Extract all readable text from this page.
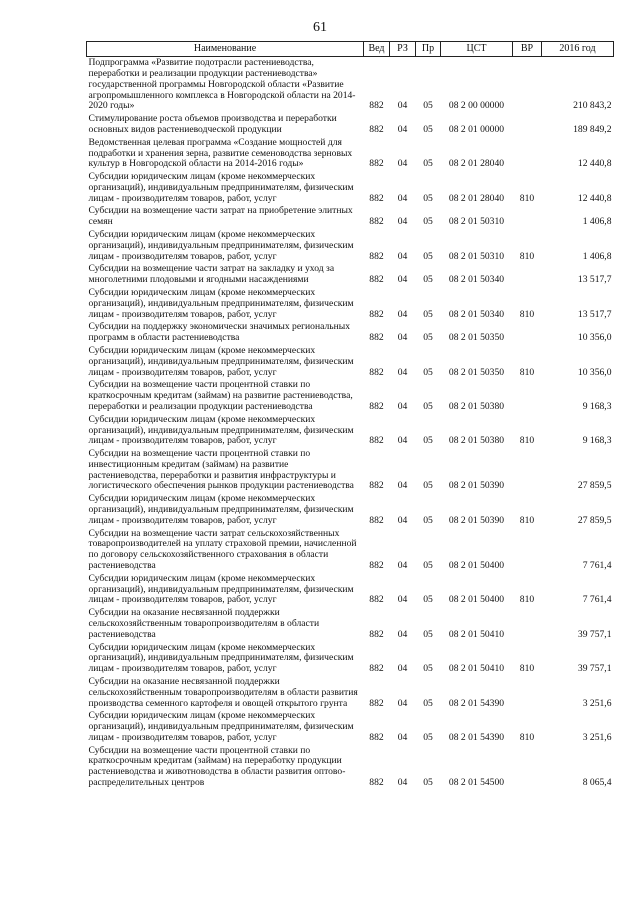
61
Наименование	Вед	РЗ	Пр	ЦСТ	ВР	2016 год
Подпрограмма «Развитие подотрасли растениеводства, переработки и реализации продукции растениеводства» государственной программы Новгородской области «Развитие агропромышленного комплекса в Новгородской области на 2014-2020 годы»	882	04	05	08 2 00 00000		210 843,2
Стимулирование роста объемов производства и переработки основных видов растениеводческой продукции	882	04	05	08 2 01 00000		189 849,2
Ведомственная целевая программа «Создание мощностей для подработки и хранения зерна, развитие семеноводства зерновых культур в Новгородской области на 2014-2016 годы»	882	04	05	08 2 01 28040		12 440,8
Субсидии юридическим лицам (кроме некоммерческих организаций), индивидуальным предпринимателям, физическим лицам - производителям товаров, работ, услуг	882	04	05	08 2 01 28040	810	12 440,8
Субсидии на возмещение части затрат на приобретение элитных семян	882	04	05	08 2 01 50310		1 406,8
Субсидии юридическим лицам (кроме некоммерческих организаций), индивидуальным предпринимателям, физическим лицам - производителям товаров, работ, услуг	882	04	05	08 2 01 50310	810	1 406,8
Субсидии на возмещение части затрат на закладку и уход за многолетними плодовыми и ягодными насаждениями	882	04	05	08 2 01 50340		13 517,7
Субсидии юридическим лицам (кроме некоммерческих организаций), индивидуальным предпринимателям, физическим лицам - производителям товаров, работ, услуг	882	04	05	08 2 01 50340	810	13 517,7
Субсидии на поддержку экономически значимых региональных программ в области растениеводства	882	04	05	08 2 01 50350		10 356,0
Субсидии юридическим лицам (кроме некоммерческих организаций), индивидуальным предпринимателям, физическим лицам - производителям товаров, работ, услуг	882	04	05	08 2 01 50350	810	10 356,0
Субсидии на возмещение части процентной ставки по краткосрочным кредитам (займам) на развитие растениеводства, переработки и реализации продукции растениеводства	882	04	05	08 2 01 50380		9 168,3
Субсидии юридическим лицам (кроме некоммерческих организаций), индивидуальным предпринимателям, физическим лицам - производителям товаров, работ, услуг	882	04	05	08 2 01 50380	810	9 168,3
Субсидии на возмещение части процентной ставки по инвестиционным кредитам (займам) на развитие растениеводства, переработки и развития инфраструктуры и логистического обеспечения рынков продукции растениеводства	882	04	05	08 2 01 50390		27 859,5
Субсидии юридическим лицам (кроме некоммерческих организаций), индивидуальным предпринимателям, физическим лицам - производителям товаров, работ, услуг	882	04	05	08 2 01 50390	810	27 859,5
Субсидии на возмещение части затрат сельскохозяйственных товаропроизводителей на уплату страховой премии, начисленной по договору сельскохозяйственного страхования в области растениеводства	882	04	05	08 2 01 50400		7 761,4
Субсидии юридическим лицам (кроме некоммерческих организаций), индивидуальным предпринимателям, физическим лицам - производителям товаров, работ, услуг	882	04	05	08 2 01 50400	810	7 761,4
Субсидии на оказание несвязанной поддержки сельскохозяйственным товаропроизводителям в области растениеводства	882	04	05	08 2 01 50410		39 757,1
Субсидии юридическим лицам (кроме некоммерческих организаций), индивидуальным предпринимателям, физическим лицам - производителям товаров, работ, услуг	882	04	05	08 2 01 50410	810	39 757,1
Субсидии на оказание несвязанной поддержки сельскохозяйственным товаропроизводителям в области развития производства семенного картофеля и овощей открытого грунта	882	04	05	08 2 01 54390		3 251,6
Субсидии юридическим лицам (кроме некоммерческих организаций), индивидуальным предпринимателям, физическим лицам - производителям товаров, работ, услуг	882	04	05	08 2 01 54390	810	3 251,6
Субсидии на возмещение части процентной ставки по краткосрочным кредитам (займам) на переработку продукции растениеводства и животноводства в области развития оптово-распределительных центров	882	04	05	08 2 01 54500		8 065,4
